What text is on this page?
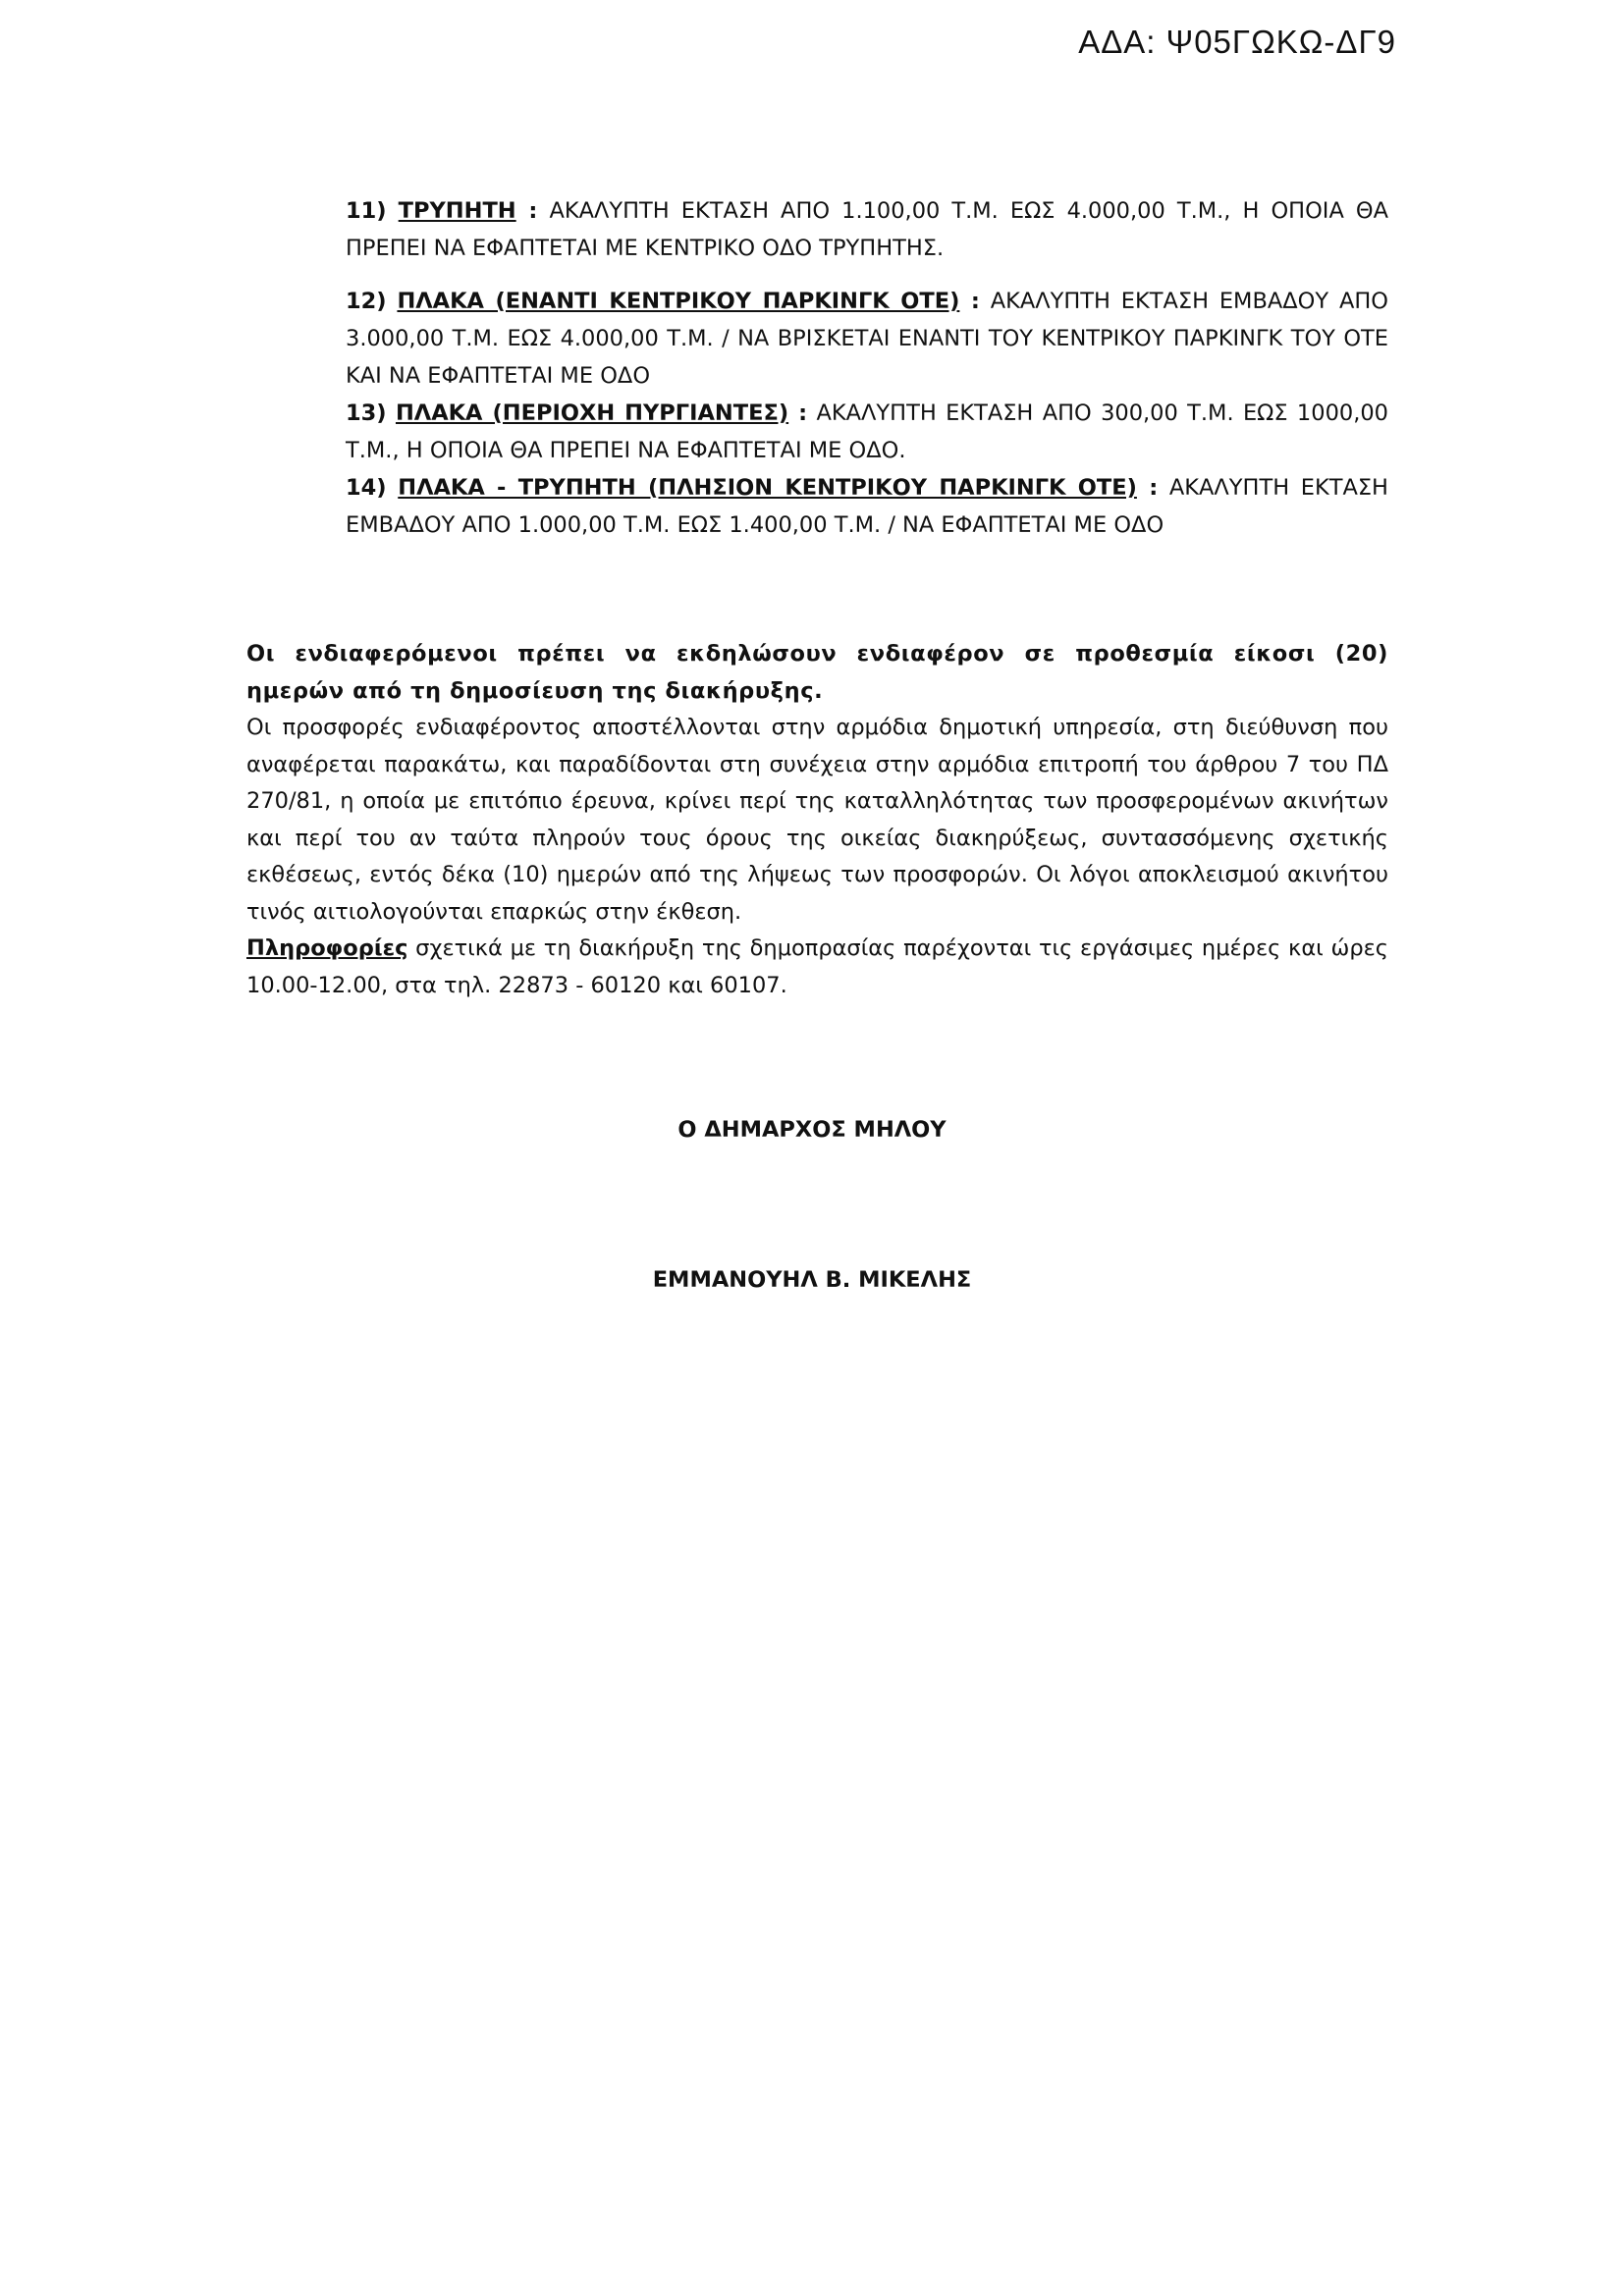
ΑΔΑ: Ψ05ΓΩΚΩ-ΔΓ9

11) ΤΡΥΠΗΤΗ : ΑΚΑΛΥΠΤΗ ΕΚΤΑΣΗ ΑΠΟ 1.100,00 Τ.Μ. ΕΩΣ 4.000,00 Τ.Μ., Η ΟΠΟΙΑ ΘΑ ΠΡΕΠΕΙ ΝΑ ΕΦΑΠΤΕΤΑΙ ΜΕ ΚΕΝΤΡΙΚΟ ΟΔΟ ΤΡΥΠΗΤΗΣ.

12) ΠΛΑΚΑ (ΕΝΑΝΤΙ ΚΕΝΤΡΙΚΟΥ ΠΑΡΚΙΝΓΚ ΟΤΕ) : ΑΚΑΛΥΠΤΗ ΕΚΤΑΣΗ ΕΜΒΑΔΟΥ ΑΠΟ 3.000,00 Τ.Μ. ΕΩΣ 4.000,00 Τ.Μ. / ΝΑ ΒΡΙΣΚΕΤΑΙ ΕΝΑΝΤΙ ΤΟΥ ΚΕΝΤΡΙΚΟΥ ΠΑΡΚΙΝΓΚ ΤΟΥ ΟΤΕ ΚΑΙ ΝΑ ΕΦΑΠΤΕΤΑΙ ΜΕ ΟΔΟ

13) ΠΛΑΚΑ (ΠΕΡΙΟΧΗ ΠΥΡΓΙΑΝΤΕΣ) : ΑΚΑΛΥΠΤΗ ΕΚΤΑΣΗ ΑΠΟ 300,00 Τ.Μ. ΕΩΣ 1000,00 Τ.Μ., Η ΟΠΟΙΑ ΘΑ ΠΡΕΠΕΙ ΝΑ ΕΦΑΠΤΕΤΑΙ ΜΕ ΟΔΟ.

14) ΠΛΑΚΑ - ΤΡΥΠΗΤΗ (ΠΛΗΣΙΟΝ ΚΕΝΤΡΙΚΟΥ ΠΑΡΚΙΝΓΚ ΟΤΕ) : ΑΚΑΛΥΠΤΗ ΕΚΤΑΣΗ ΕΜΒΑΔΟΥ ΑΠΟ 1.000,00 Τ.Μ. ΕΩΣ 1.400,00 Τ.Μ. / ΝΑ ΕΦΑΠΤΕΤΑΙ ΜΕ ΟΔΟ

Οι ενδιαφερόμενοι πρέπει να εκδηλώσουν ενδιαφέρον σε προθεσμία είκοσι (20) ημερών από τη δημοσίευση της διακήρυξης.

Οι προσφορές ενδιαφέροντος αποστέλλονται στην αρμόδια δημοτική υπηρεσία, στη διεύθυνση που αναφέρεται παρακάτω, και παραδίδονται στη συνέχεια στην αρμόδια επιτροπή του άρθρου 7 του ΠΔ 270/81, η οποία με επιτόπιο έρευνα, κρίνει περί της καταλληλότητας των προσφερομένων ακινήτων και περί του αν ταύτα πληρούν τους όρους της οικείας διακηρύξεως, συντασσόμενης σχετικής εκθέσεως, εντός δέκα (10) ημερών από της λήψεως των προσφορών. Οι λόγοι αποκλεισμού ακινήτου τινός αιτιολογούνται επαρκώς στην έκθεση.

Πληροφορίες σχετικά με τη διακήρυξη της δημοπρασίας παρέχονται τις εργάσιμες ημέρες και ώρες 10.00-12.00, στα τηλ. 22873 - 60120 και 60107.

Ο ΔΗΜΑΡΧΟΣ ΜΗΛΟΥ

ΕΜΜΑΝΟΥΗΛ Β. ΜΙΚΕΛΗΣ
